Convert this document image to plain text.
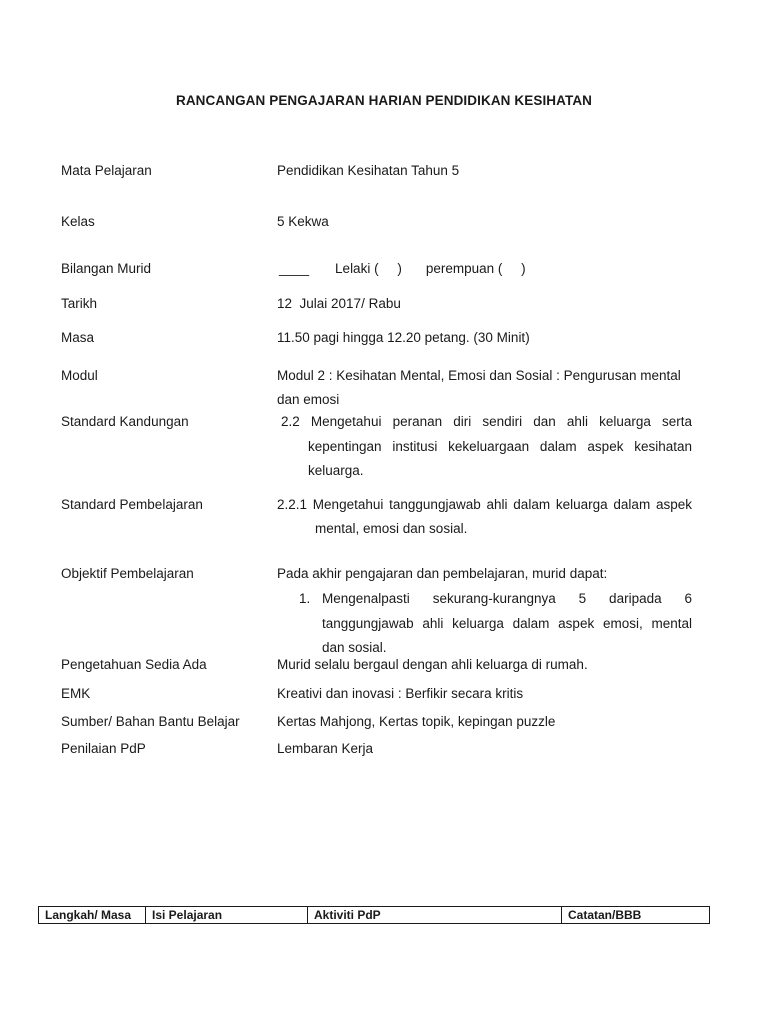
RANCANGAN PENGAJARAN HARIAN PENDIDIKAN KESIHATAN
Mata Pelajaran	Pendidikan Kesihatan Tahun 5
Kelas	5 Kekwa
Bilangan Murid	____ Lelaki (     ) perempuan (     )
Tarikh	12  Julai 2017/ Rabu
Masa	11.50 pagi hingga 12.20 petang. (30 Minit)
Modul	Modul 2 : Kesihatan Mental, Emosi dan Sosial : Pengurusan mental
dan emosi
Standard Kandungan	2.2 Mengetahui peranan diri sendiri dan ahli keluarga serta
kepentingan institusi kekeluargaan dalam aspek kesihatan
keluarga.
Standard Pembelajaran	2.2.1 Mengetahui tanggungjawab ahli dalam keluarga dalam aspek
mental, emosi dan sosial.
Objektif Pembelajaran	Pada akhir pengajaran dan pembelajaran, murid dapat:
1. Mengenalpasti sekurang-kurangnya 5 daripada 6
tanggungjawab ahli keluarga dalam aspek emosi, mental
dan sosial.
Pengetahuan Sedia Ada	Murid selalu bergaul dengan ahli keluarga di rumah.
EMK	Kreativi dan inovasi : Berfikir secara kritis
Sumber/ Bahan Bantu Belajar	Kertas Mahjong, Kertas topik, kepingan puzzle
Penilaian PdP	Lembaran Kerja
Langkah/ Masa	Isi Pelajaran	Aktiviti PdP	Catatan/BBB
